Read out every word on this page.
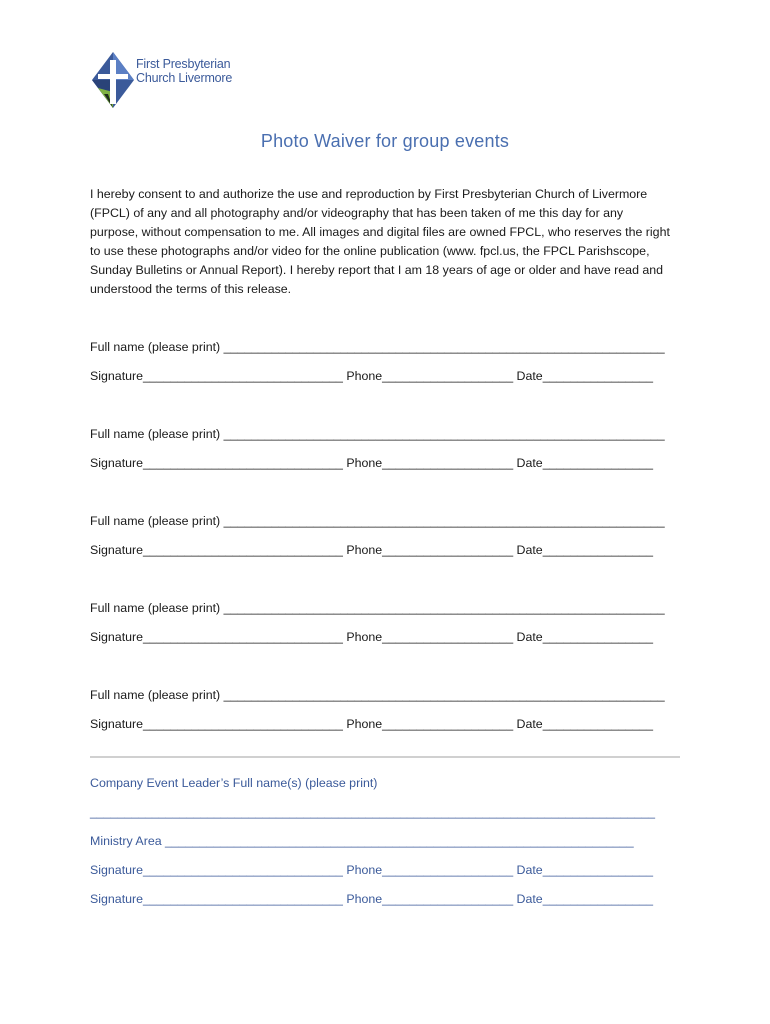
First Presbyterian
Church Livermore
Photo Waiver for group events

I hereby consent to and authorize the use and reproduction by First Presbyterian Church of Livermore (FPCL) of any and all photography and/or videography that has been taken of me this day for any purpose, without compensation to me. All images and digital files are owned FPCL, who reserves the right to use these photographs and/or video for the online publication (www. fpcl.us, the FPCL Parishscope, Sunday Bulletins or Annual Report). I hereby report that I am 18 years of age or older and have read and understood the terms of this release.

Full name (please print) ________________________________________________________________
Signature_____________________________ Phone___________________ Date________________
Full name (please print) ________________________________________________________________
Signature_____________________________ Phone___________________ Date________________
Full name (please print) ________________________________________________________________
Signature_____________________________ Phone___________________ Date________________
Full name (please print) ________________________________________________________________
Signature_____________________________ Phone___________________ Date________________
Full name (please print) ________________________________________________________________
Signature_____________________________ Phone___________________ Date________________
Company Event Leader’s Full name(s) (please print)
__________________________________________________________________________________
Ministry Area ____________________________________________________________________
Signature_____________________________ Phone___________________ Date________________
Signature_____________________________ Phone___________________ Date________________
